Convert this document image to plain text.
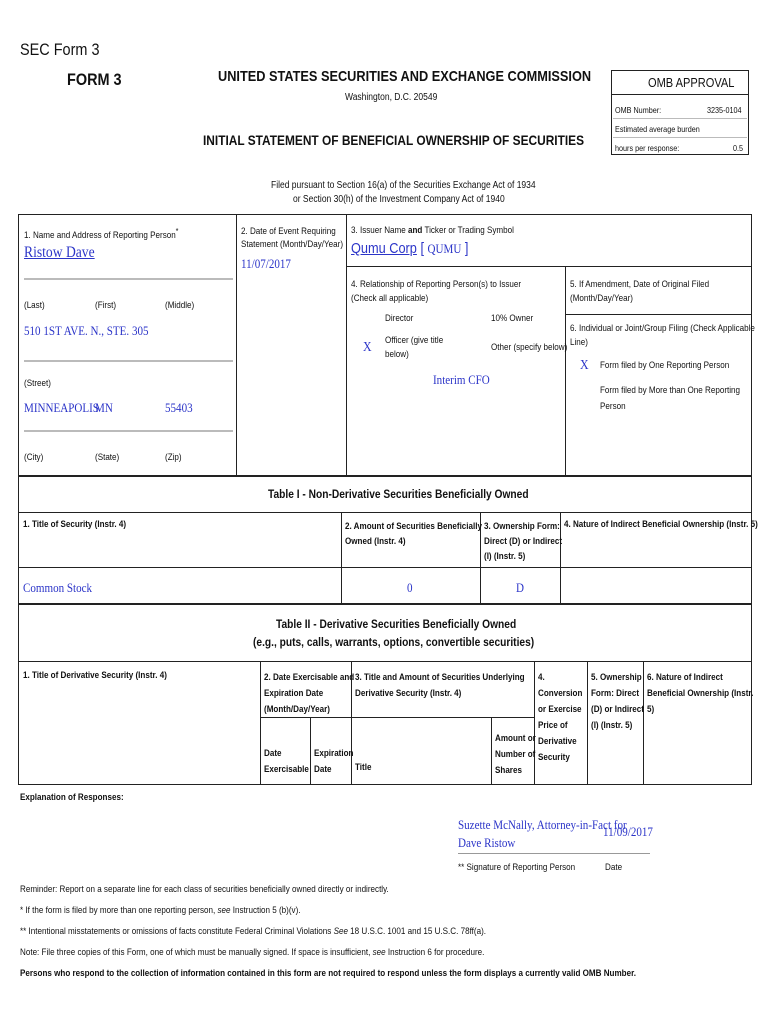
SEC Form 3
FORM 3	UNITED STATES SECURITIES AND EXCHANGE COMMISSION
Washington, D.C. 20549
INITIAL STATEMENT OF BENEFICIAL OWNERSHIP OF SECURITIES
OMB APPROVAL
OMB Number:	3235-0104
Estimated average burden
hours per response:	0.5
Filed pursuant to Section 16(a) of the Securities Exchange Act of 1934
or Section 30(h) of the Investment Company Act of 1940
1. Name and Address of Reporting Person*
Ristow Dave
(Last)	(First)	(Middle)
510 1ST AVE. N., STE. 305
(Street)
MINNEAPOLIS
MN	55403
(City)	(State)	(Zip)
2. Date of Event Requiring
Statement (Month/Day/Year)
11/07/2017
3. Issuer Name and Ticker or Trading Symbol
Qumu Corp [ QUMU ]
4. Relationship of Reporting Person(s) to Issuer
(Check all applicable)
Director	10% Owner
X Officer (give title
below)
Other (specify below)
Interim CFO
5. If Amendment, Date of Original Filed
(Month/Day/Year)
6. Individual or Joint/Group Filing (Check Applicable
Line)
X Form filed by One Reporting Person
Form filed by More than One Reporting
Person
Table I - Non-Derivative Securities Beneficially Owned
1. Title of Security (Instr. 4)	2. Amount of Securities Beneficially
Owned (Instr. 4)
3. Ownership Form:
Direct (D) or Indirect
(I) (Instr. 5)
4. Nature of Indirect Beneficial Ownership (Instr. 5)
Common Stock	0	D
Table II - Derivative Securities Beneficially Owned
(e.g., puts, calls, warrants, options, convertible securities)
1. Title of Derivative Security (Instr. 4)	2. Date Exercisable and
Expiration Date
(Month/Day/Year)
3. Title and Amount of Securities Underlying
Derivative Security (Instr. 4)
4.
Conversion
or Exercise
Price of
Derivative
Security
5. Ownership
Form: Direct
(D) or Indirect
(I) (Instr. 5)
6. Nature of Indirect
Beneficial Ownership (Instr.
5)
Date
Exercisable
Expiration
Date	Title
Amount or
Number of
Shares
Explanation of Responses:
Suzette McNally, Attorney-in-Fact for
Dave Ristow
11/09/2017
** Signature of Reporting Person	Date
Reminder: Report on a separate line for each class of securities beneficially owned directly or indirectly.
* If the form is filed by more than one reporting person, see Instruction 5 (b)(v).
** Intentional misstatements or omissions of facts constitute Federal Criminal Violations See 18 U.S.C. 1001 and 15 U.S.C. 78ff(a).
Note: File three copies of this Form, one of which must be manually signed. If space is insufficient, see Instruction 6 for procedure.
Persons who respond to the collection of information contained in this form are not required to respond unless the form displays a currently valid OMB Number.
